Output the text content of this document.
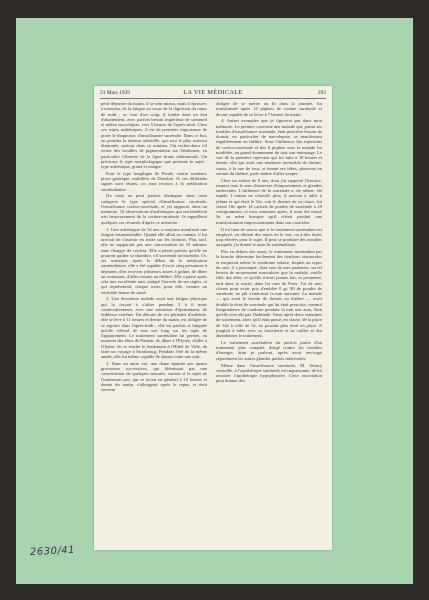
21 Mars 1939	LA VIE MÉDICALE	293

petit déjeuner du matin, il se sent mieux, mais il éprouve, à nouveau, de la fatigue au cours de la digestion du repas de midi ; or, tout d'un coup, il tombe dans un état d'abattement, avec parfois besoin impérieux de sommeil et même narcolepsie, vers 5 heures de l'après-midi. Chez ces sujets asthéniques, il est de première importance de poser le diagnostic d'insuffisance surrénale. Dans ce but, on prendra la tension artérielle, qui sera le plus souvent diminuée, surtout dans sa minima. On recherchera s'il existe des troubles de pigmentation sur l'abdomen, en particulier l'élancée de la ligne brune abdominale. On précisera le type morphologique que présente le sujet : type asthénique, grand et maigre.

Pour le type longiligne de Pende, ventre tombant, ptose gastrique, mobilités de Doerken. Si ces différents signes sont réunis, on aura recours à la médication surrénalienne.

Du reste on peut parfois distinguer dans cette catégorie le type spécial d'insuffisance surrénale, l'insuffisance cortico-surrénale, et j'ai rapporté, dans un mémoire, 10 observations d'asthéniques qui ont bénéficié très heureusement de la cortine-surrénale. Je rappellerai quelques cas résumés d'après ce mémoire.

1. Une asthénique de 34 ans a toujours manifesté une fatigue insurmontable. Quand elle allait au cinéma, il lui arrivait de s'asseoir en route sur les trottoirs. Plus tard, elle ne supportait pas une conversation de 10 minutes sans changer de couleur. Elle a pensé parfois qu'elle ne pourrait quitter sa chambre, s'il survenait un incendie. Or, six semaines après le début de la médication surrénalienne, elle a été capable d'avoir cinq personnes à déjeuner, d'en recevoir plusieurs autres à goûter, de dîner au restaurant, d'aller ensuite au théâtre. Elle a passé après cela une excellente nuit, malgré l'arrivée de ses règles, et qui représentait, chaque mois, pour elle, comme un véritable drame de santé.

2. Une deuxième malade avait une fatigue physique qui la forçait à s'aliter pendant 3 à 6 mois consécutivement, avec une sensation d'épuisement, de faiblesse extrême. Un détours de ces périodes d'asthénie, elle se lève à 11 heures et demie du matin, est obligée de se reposer dans l'après-midi ; elle est parfois si fatiguée qu'elle s'étend de tout son long sur les tapis de l'appartement. Le traitement surrénalien lui permet, au moment des fêtes de Pasteur, de dîner à l'Elysée, d'aller à l'Opéra, de se rendre le lendemain à l'Hôtel de Ville, de faire un voyage à Strasbourg. Pendant l'été de la même année, elle fut même capable de danser toute une nuit.

3. Dans un autre cas, une dame épuisée par quatre grossesses successives, qui blémissait par une conversation de quelques minutes, surtout si le sujet ne l'intéressait pas, qui se levait en général à 10 heures et demie du matin, s'allongeait après le repas, et était souvent

obligée de se mettre au lit dans la journée, fut transformée après 14 piqûres de cortine surrénale et devint capable de se lever à 7 heures du matin.

4. Autres exemples que je figurerai pas dans mon mémoire. Le premier concerne une malade qui, parmi ses troubles d'insuffisance surrénale, était peut-être besoin de dormir, en particulier de narcolepsie, se manifestant régulièrement en théâtre. Sous l'influence des injections de cortico-surrénale et des 6 piqûres sous la malade fut modifiée, au grand étonnement de tout son entourage. Le soir de la première injection qui fut faite à 18 heures et demie, elle qui avait une tendance invincible de dormir, causa, à la vue de tous, et tenant ses idées, plusieurs en sortant du théâtre, parle même d'aller souper.

Chez un enfant de 9 ans, dont j'ai rapporté l'histoire, réunies tous le sens d'anorexie d'emportement, et glandes endocrines. L'influence de la surrénale a, de même, été rapide. L'enfant ne s'étouffe plus, il arrivait à table à jeûner et qui était le 32e, soit le dernier de sa classe, fut classé 18e après 14 cachets de poudre de surrénale à 20 centigrammes, et trois semaines après, il avait été classé 5e, sa mère brusque qu'il n'était produit une transformation impressionnante dans son caractère.

Il est bien de savoir que si le traitement surrénalien est employé, on obtient des repos en le soir, ou à des doses trop élevées pour le sujet. Il peut se produire des troubles auxquels j'ai donné le nom de surrénalisme.

Pris en dehors des repas, le traitement surrénalien par la bouche détermine facilement des douleurs stomacales et risquerait même le syndrome solaire. Inquiet au repos du soir, il a provoqué, chez une de mes patientes, un tel besoin de mouvement musculaire que la malade, vieille fille, dut aller, ce qu'elle n'avait jamais fait, se promener, tard dans la soirée, dans les rues de Paris. J'ai de mes clients pour avoir pris d'emblée 0 gr. 90 de poudre de surrénale, ne pût s'endormir la nuit suivante. La malade — qui avait le besoin de dormir au théâtre — avait doublé la dose de surrénale qui lui était prescrite, commit l'imprudence de conduire pendant la nuit une auto, bien qu'elle n'en eût pas l'habitude. Ainsi après deux semaines de traitement, alors qu'il était passé, en classe, de la place de 32e à celle de 5e, ne pouvait plus tenir en place. Il jonglait à table avec sa fourchette et sa cuiller et dut abandonner le traitement.

Le traitement surrénalien fut parfois partie d'un traitement plus complet, dirigé contre les troubles d'énergie, dont je parlerai, après avoir envisagé séparément les autres glandes parfois intéressées.

Même dans l'insuffisance surrénale, M. Sézary conseille, à l'opothérapie surrénale est impuissante, de lui associer l'opothérapie hypophysaire. Cette association peut donner des

2630/41
